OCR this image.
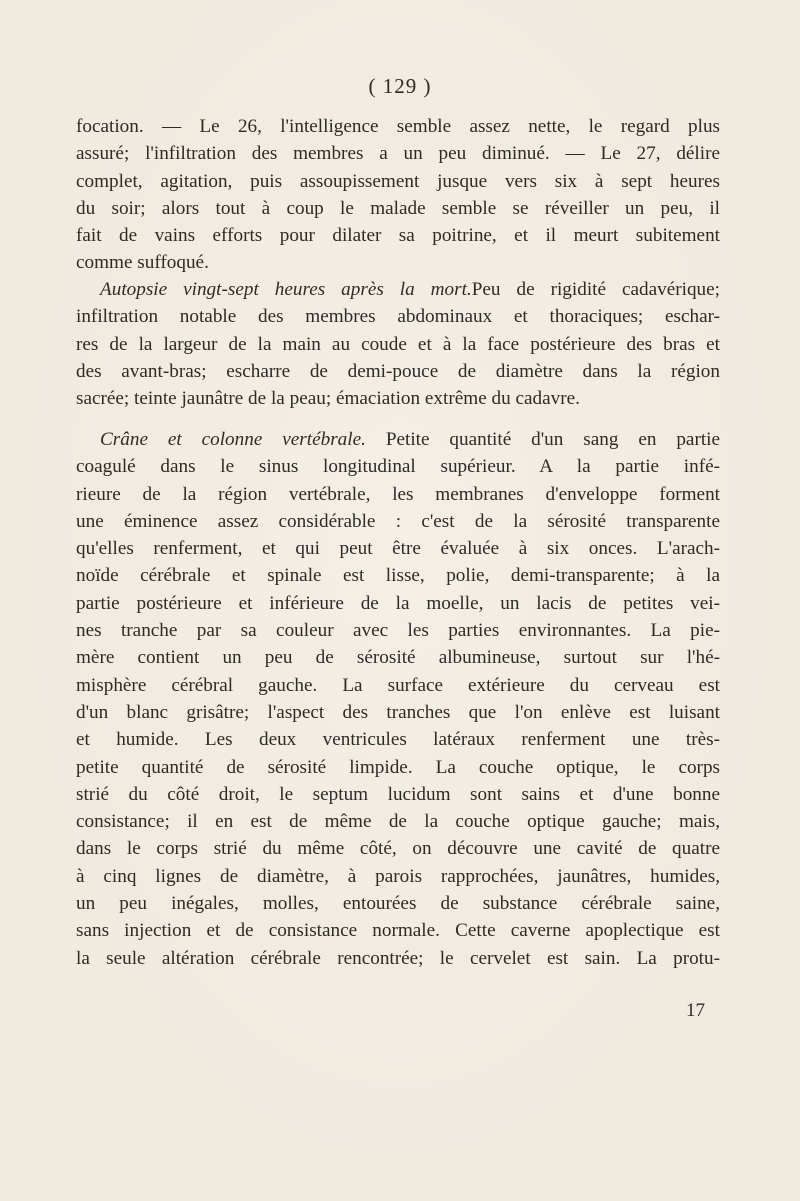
( 129 )
focation. — Le 26, l'intelligence semble assez nette, le regard plus
assuré; l'infiltration des membres a un peu diminué. — Le 27, délire
complet, agitation, puis assoupissement jusque vers six à sept heures
du soir; alors tout à coup le malade semble se réveiller un peu, il
fait de vains efforts pour dilater sa poitrine, et il meurt subitement
comme suffoqué.
Autopsie vingt-sept heures après la mort.Peu de rigidité cadavérique;
infiltration notable des membres abdominaux et thoraciques; eschar-
res de la largeur de la main au coude et à la face postérieure des bras et
des avant-bras; escharre de demi-pouce de diamètre dans la région
sacrée; teinte jaunâtre de la peau; émaciation extrême du cadavre.
Crâne et colonne vertébrale. Petite quantité d'un sang en partie
coagulé dans le sinus longitudinal supérieur. A la partie infé-
rieure de la région vertébrale, les membranes d'enveloppe forment
une éminence assez considérable : c'est de la sérosité transparente
qu'elles renferment, et qui peut être évaluée à six onces. L'arach-
noïde cérébrale et spinale est lisse, polie, demi-transparente; à la
partie postérieure et inférieure de la moelle, un lacis de petites vei-
nes tranche par sa couleur avec les parties environnantes. La pie-
mère contient un peu de sérosité albumineuse, surtout sur l'hé-
misphère cérébral gauche. La surface extérieure du cerveau est
d'un blanc grisâtre; l'aspect des tranches que l'on enlève est luisant
et humide. Les deux ventricules latéraux renferment une très-
petite quantité de sérosité limpide. La couche optique, le corps
strié du côté droit, le septum lucidum sont sains et d'une bonne
consistance; il en est de même de la couche optique gauche; mais,
dans le corps strié du même côté, on découvre une cavité de quatre
à cinq lignes de diamètre, à parois rapprochées, jaunâtres, humides,
un peu inégales, molles, entourées de substance cérébrale saine,
sans injection et de consistance normale. Cette caverne apoplectique est
la seule altération cérébrale rencontrée; le cervelet est sain. La protu-
17
